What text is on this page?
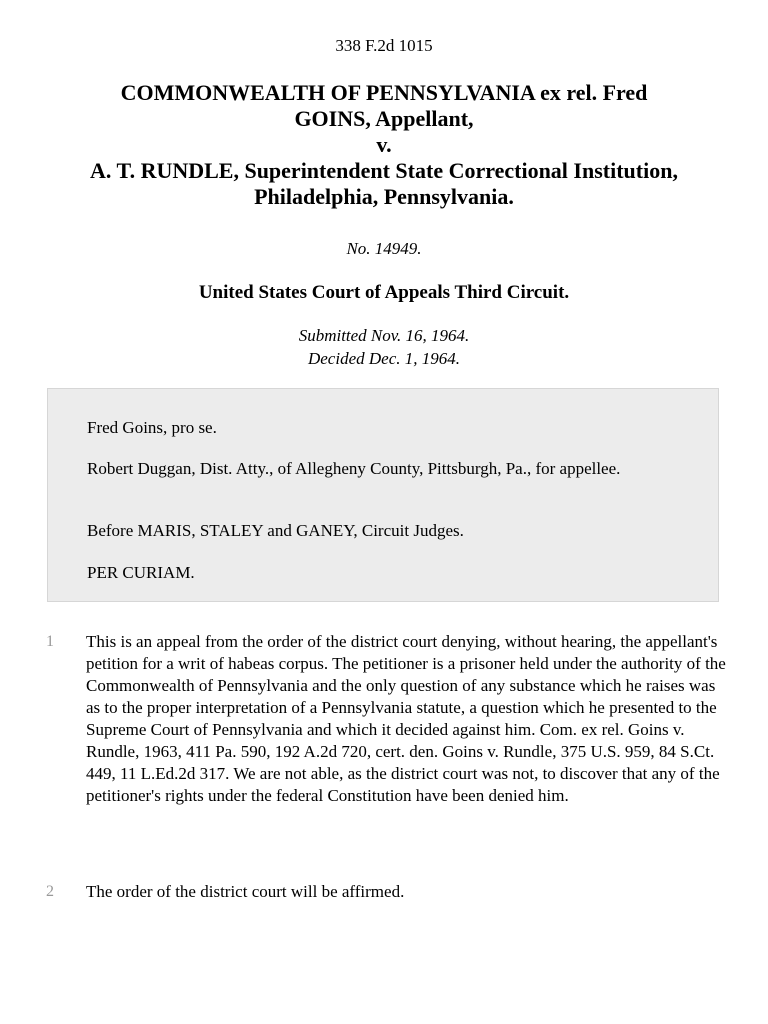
338 F.2d 1015
COMMONWEALTH OF PENNSYLVANIA ex rel. Fred
GOINS, Appellant,
v.
A. T. RUNDLE, Superintendent State Correctional Institution,
Philadelphia, Pennsylvania.
No. 14949.
United States Court of Appeals Third Circuit.
Submitted Nov. 16, 1964.
Decided Dec. 1, 1964.

Fred Goins, pro se.

Robert Duggan, Dist. Atty., of Allegheny County, Pittsburgh, Pa., for appellee.

Before MARIS, STALEY and GANEY, Circuit Judges.

PER CURIAM.

1 This is an appeal from the order of the district court denying, without hearing, the appellant's petition for a writ of habeas corpus. The petitioner is a prisoner held under the authority of the Commonwealth of Pennsylvania and the only question of any substance which he raises was as to the proper interpretation of a Pennsylvania statute, a question which he presented to the Supreme Court of Pennsylvania and which it decided against him. Com. ex rel. Goins v. Rundle, 1963, 411 Pa. 590, 192 A.2d 720, cert. den. Goins v. Rundle, 375 U.S. 959, 84 S.Ct. 449, 11 L.Ed.2d 317. We are not able, as the district court was not, to discover that any of the petitioner's rights under the federal Constitution have been denied him.

2 The order of the district court will be affirmed.
